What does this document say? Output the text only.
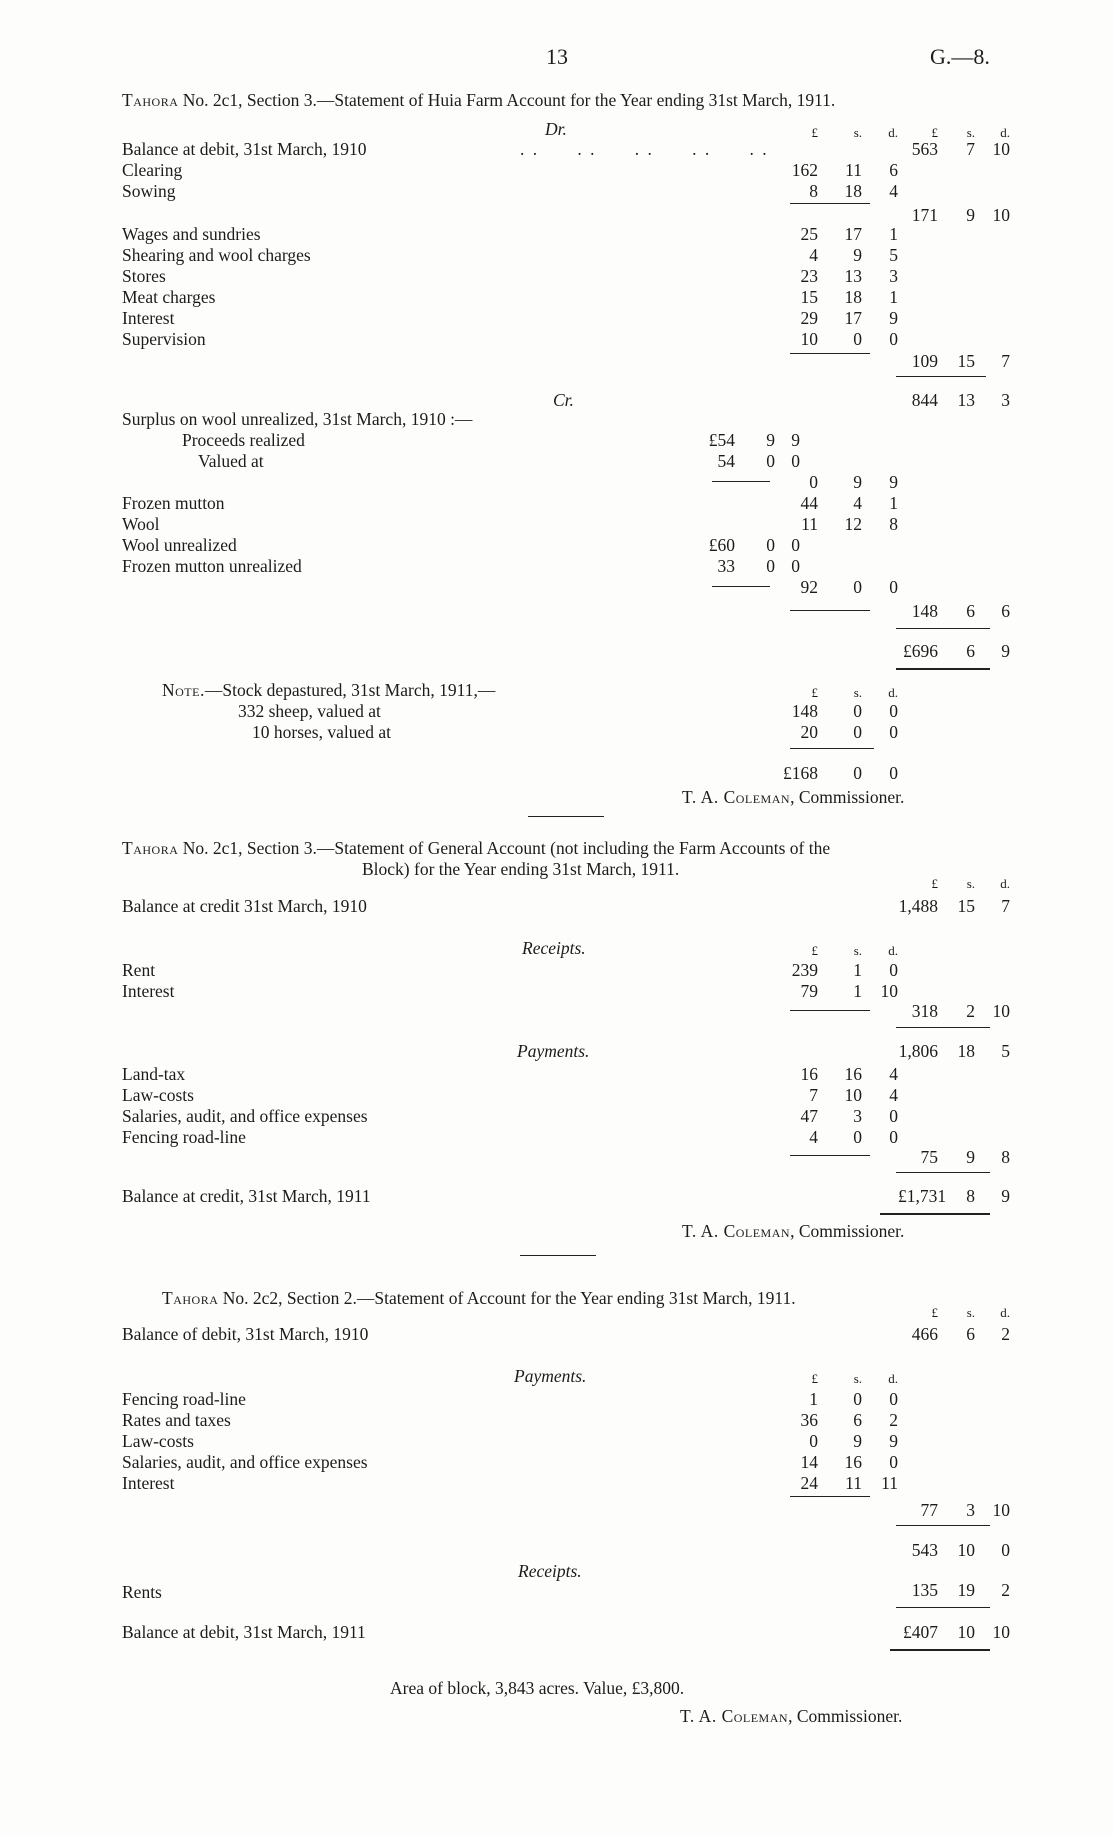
13	G.—8.
Tahora No. 2c1, Section 3.—Statement of Huia Farm Account for the Year ending 31st March, 1911.
Dr.	£	s.	d.	£	s.	d.
Balance at debit, 31st March, 1910	. .      . .      . .      . .      . .	563	7	10
Clearing	162	11	6
Sowing	8	18	4
171	9	10
Wages and sundries	25	17	1
Shearing and wool charges	4	9	5
Stores	23	13	3
Meat charges	15	18	1
Interest	29	17	9
Supervision	10	0	0
109	15	7
Cr.	844	13	3
Surplus on wool unrealized, 31st March, 1910 :—
Proceeds realized	£54	9 9
Valued at	54	0 0
0	9	9
Frozen mutton	44	4	1
Wool	11	12	8
Wool unrealized	£60	0 0
Frozen mutton unrealized	33	0 0
92	0	0
148	6	6
£696	6	9
Note.—Stock depastured, 31st March, 1911,—	£	s.	d.
332 sheep, valued at	148	0	0
10 horses, valued at	20	0	0
£168	0	0
T. A. Coleman, Commissioner.
Tahora No. 2c1, Section 3.—Statement of General Account (not including the Farm Accounts of the
Block) for the Year ending 31st March, 1911.
£	s.	d.
Balance at credit 31st March, 1910	1,488	15	7
Receipts.	£	s.	d.
Rent	239	1	0
Interest	79	1	10
318	2	10
Payments.	1,806	18	5
Land-tax	16	16	4
Law-costs	7	10	4
Salaries, audit, and office expenses	47	3	0
Fencing road-line	4	0	0
75	9	8
Balance at credit, 31st March, 1911	£1,731	8	9
T. A. Coleman, Commissioner.
Tahora No. 2c2, Section 2.—Statement of Account for the Year ending 31st March, 1911.
£	s.	d.
Balance of debit, 31st March, 1910	466	6	2
Payments.	£	s.	d.
Fencing road-line	1	0	0
Rates and taxes	36	6	2
Law-costs	0	9	9
Salaries, audit, and office expenses	14	16	0
Interest	24	11	11
77	3	10
543	10	0
Receipts.
Rents	135	19	2
Balance at debit, 31st March, 1911	£407	10	10
Area of block, 3,843 acres. Value, £3,800.
T. A. Coleman, Commissioner.
